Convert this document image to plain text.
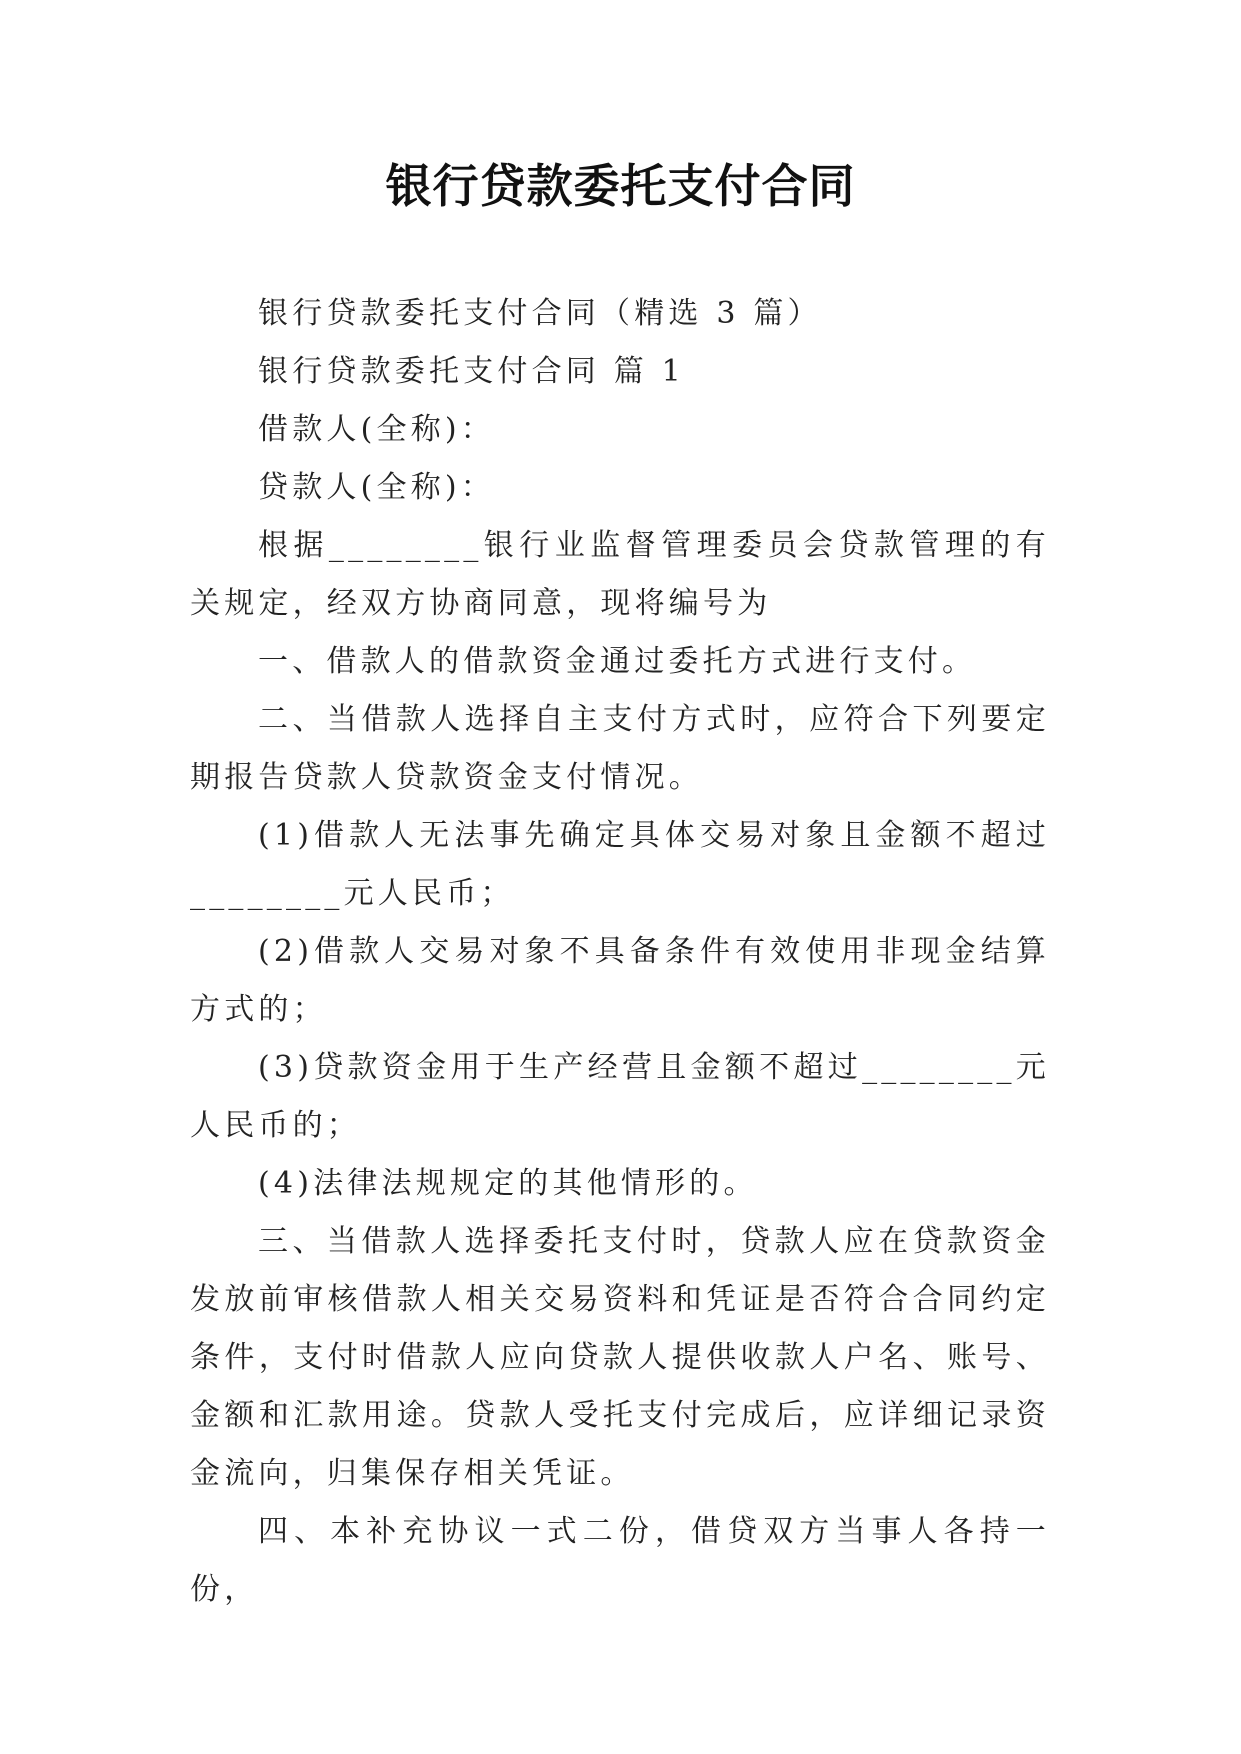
银行贷款委托支付合同

银行贷款委托支付合同（精选 3 篇）

银行贷款委托支付合同 篇 1

借款人(全称)：

贷款人(全称)：

根据________银行业监督管理委员会贷款管理的有关规定，经双方协商同意，现将编号为

一、借款人的借款资金通过委托方式进行支付。

二、当借款人选择自主支付方式时，应符合下列要定期报告贷款人贷款资金支付情况。

(1)借款人无法事先确定具体交易对象且金额不超过________元人民币；

(2)借款人交易对象不具备条件有效使用非现金结算方式的；

(3)贷款资金用于生产经营且金额不超过________元人民币的；

(4)法律法规规定的其他情形的。

三、当借款人选择委托支付时，贷款人应在贷款资金发放前审核借款人相关交易资料和凭证是否符合合同约定条件，支付时借款人应向贷款人提供收款人户名、账号、金额和汇款用途。贷款人受托支付完成后，应详细记录资金流向，归集保存相关凭证。

四、本补充协议一式二份，借贷双方当事人各持一份，
